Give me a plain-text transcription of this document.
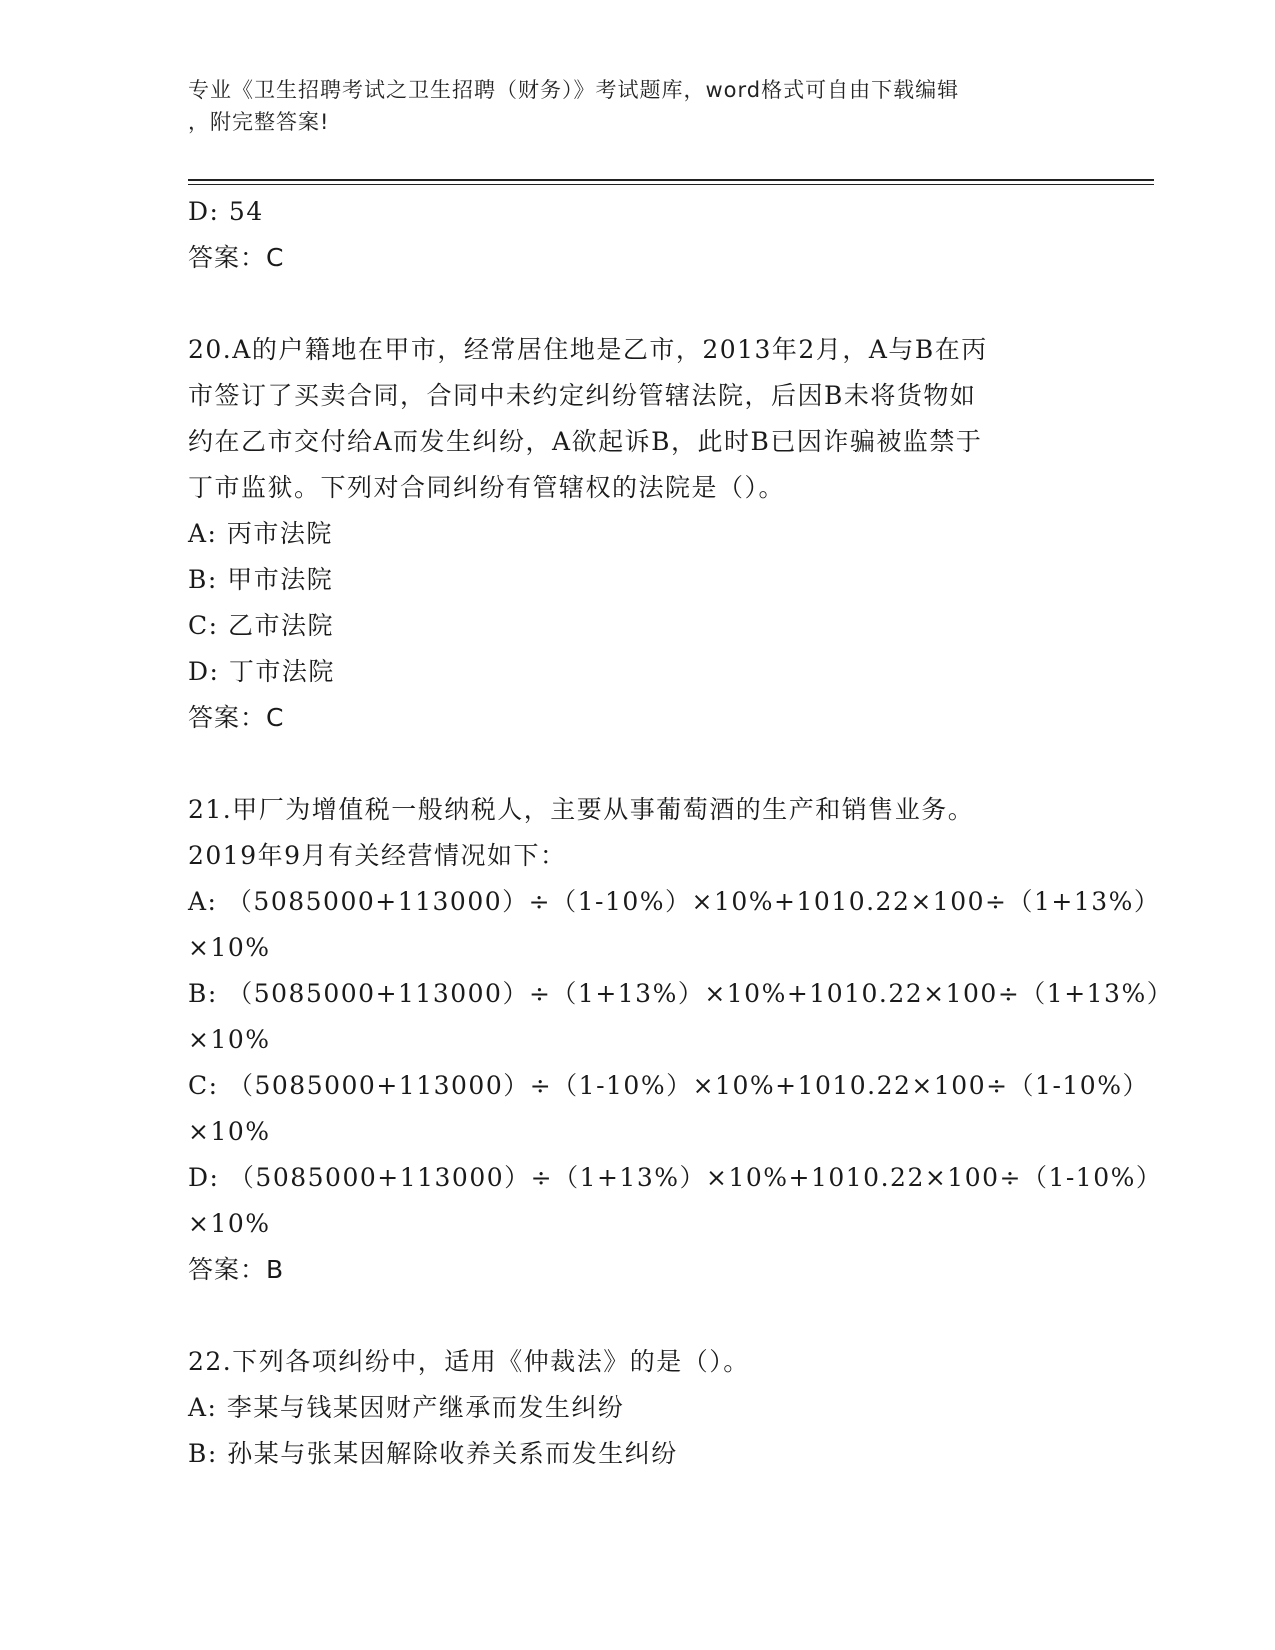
专业《卫生招聘考试之卫生招聘（财务）》考试题库，word格式可自由下载编辑
，附完整答案!
D: 54
答案：C
20.A的户籍地在甲市，经常居住地是乙市，2013年2月，A与B在丙
市签订了买卖合同，合同中未约定纠纷管辖法院，后因B未将货物如
约在乙市交付给A而发生纠纷，A欲起诉B，此时B已因诈骗被监禁于
丁市监狱。下列对合同纠纷有管辖权的法院是（）。
A: 丙市法院
B: 甲市法院
C: 乙市法院
D: 丁市法院
答案：C
21.甲厂为增值税一般纳税人，主要从事葡萄酒的生产和销售业务。
2019年9月有关经营情况如下：
A: （5085000+113000）÷（1-10%）×10%+1010.22×100÷（1+13%）
×10%
B: （5085000+113000）÷（1+13%）×10%+1010.22×100÷（1+13%）
×10%
C: （5085000+113000）÷（1-10%）×10%+1010.22×100÷（1-10%）
×10%
D: （5085000+113000）÷（1+13%）×10%+1010.22×100÷（1-10%）
×10%
答案：B
22.下列各项纠纷中，适用《仲裁法》的是（）。
A: 李某与钱某因财产继承而发生纠纷
B: 孙某与张某因解除收养关系而发生纠纷
